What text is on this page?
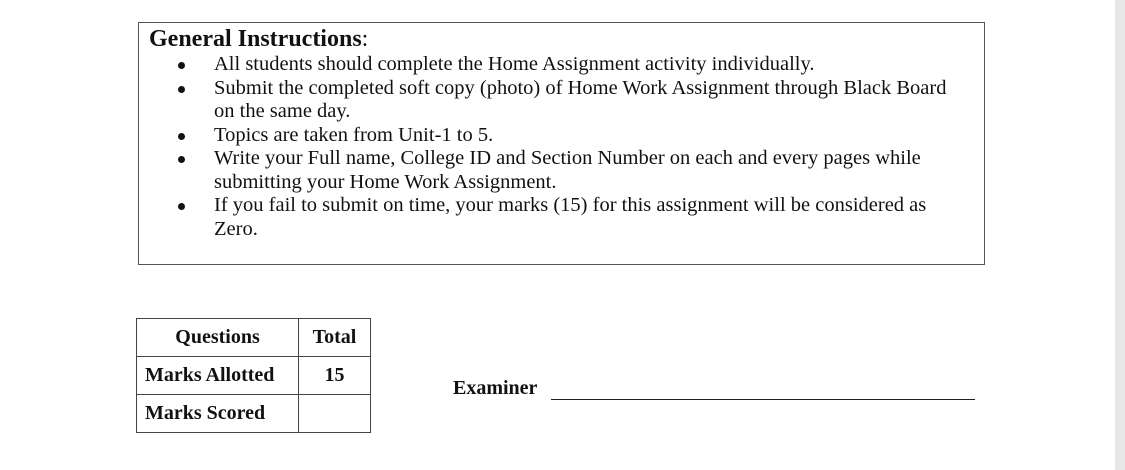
General Instructions:
All students should complete the Home Assignment activity individually.
Submit the completed soft copy (photo) of Home Work Assignment through Black Board on the same day.
Topics are taken from Unit-1 to 5.
Write your Full name, College ID and Section Number on each and every pages while submitting your Home Work Assignment.
If you fail to submit on time, your marks (15) for this assignment will be considered as Zero.
Questions	Total
Marks Allotted	15
Marks Scored	
Examiner
